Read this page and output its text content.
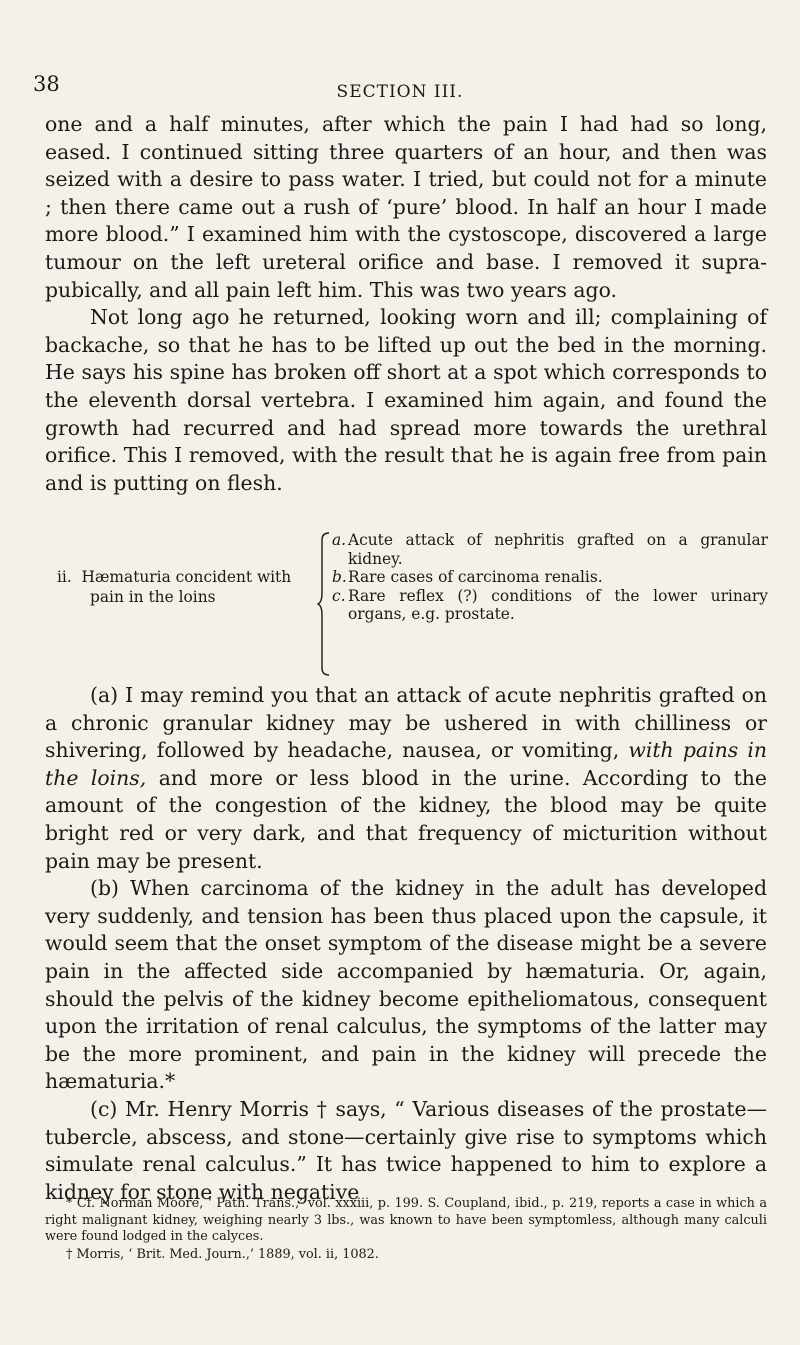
38	SECTION III.

one and a half minutes, after which the pain I had had so long, eased. I continued sitting three quarters of an hour, and then was seized with a desire to pass water. I tried, but could not for a minute ; then there came out a rush of ‘pure’ blood. In half an hour I made more blood.” I examined him with the cystoscope, discovered a large tumour on the left ureteral orifice and base. I removed it supra-pubically, and all pain left him. This was two years ago.

Not long ago he returned, looking worn and ill; complaining of backache, so that he has to be lifted up out the bed in the morning. He says his spine has broken off short at a spot which corresponds to the eleventh dorsal vertebra. I examined him again, and found the growth had recurred and had spread more towards the urethral orifice. This I removed, with the result that he is again free from pain and is putting on flesh.

ii. Hæmaturia concident with
pain in the loins
a. Acute attack of nephritis grafted on a granular kidney.
b. Rare cases of carcinoma renalis.
c. Rare reflex (?) conditions of the lower urinary organs, e.g. prostate.

(a) I may remind you that an attack of acute nephritis grafted on a chronic granular kidney may be ushered in with chilliness or shivering, followed by headache, nausea, or vomiting, with pains in the loins, and more or less blood in the urine. According to the amount of the congestion of the kidney, the blood may be quite bright red or very dark, and that frequency of micturition without pain may be present.

(b) When carcinoma of the kidney in the adult has developed very suddenly, and tension has been thus placed upon the capsule, it would seem that the onset symptom of the disease might be a severe pain in the affected side accompanied by hæmaturia. Or, again, should the pelvis of the kidney become epitheliomatous, consequent upon the irritation of renal calculus, the symptoms of the latter may be the more prominent, and pain in the kidney will precede the hæmaturia.*

(c) Mr. Henry Morris † says, “ Various diseases of the prostate—tubercle, abscess, and stone—certainly give rise to symptoms which simulate renal calculus.” It has twice happened to him to explore a kidney for stone with negative

* Cf. Norman Moore, ‘ Path. Trans.,’ vol. xxxiii, p. 199. S. Coupland, ibid., p. 219, reports a case in which a right malignant kidney, weighing nearly 3 lbs., was known to have been symptomless, although many calculi were found lodged in the calyces.

† Morris, ‘ Brit. Med. Journ.,’ 1889, vol. ii, 1082.
